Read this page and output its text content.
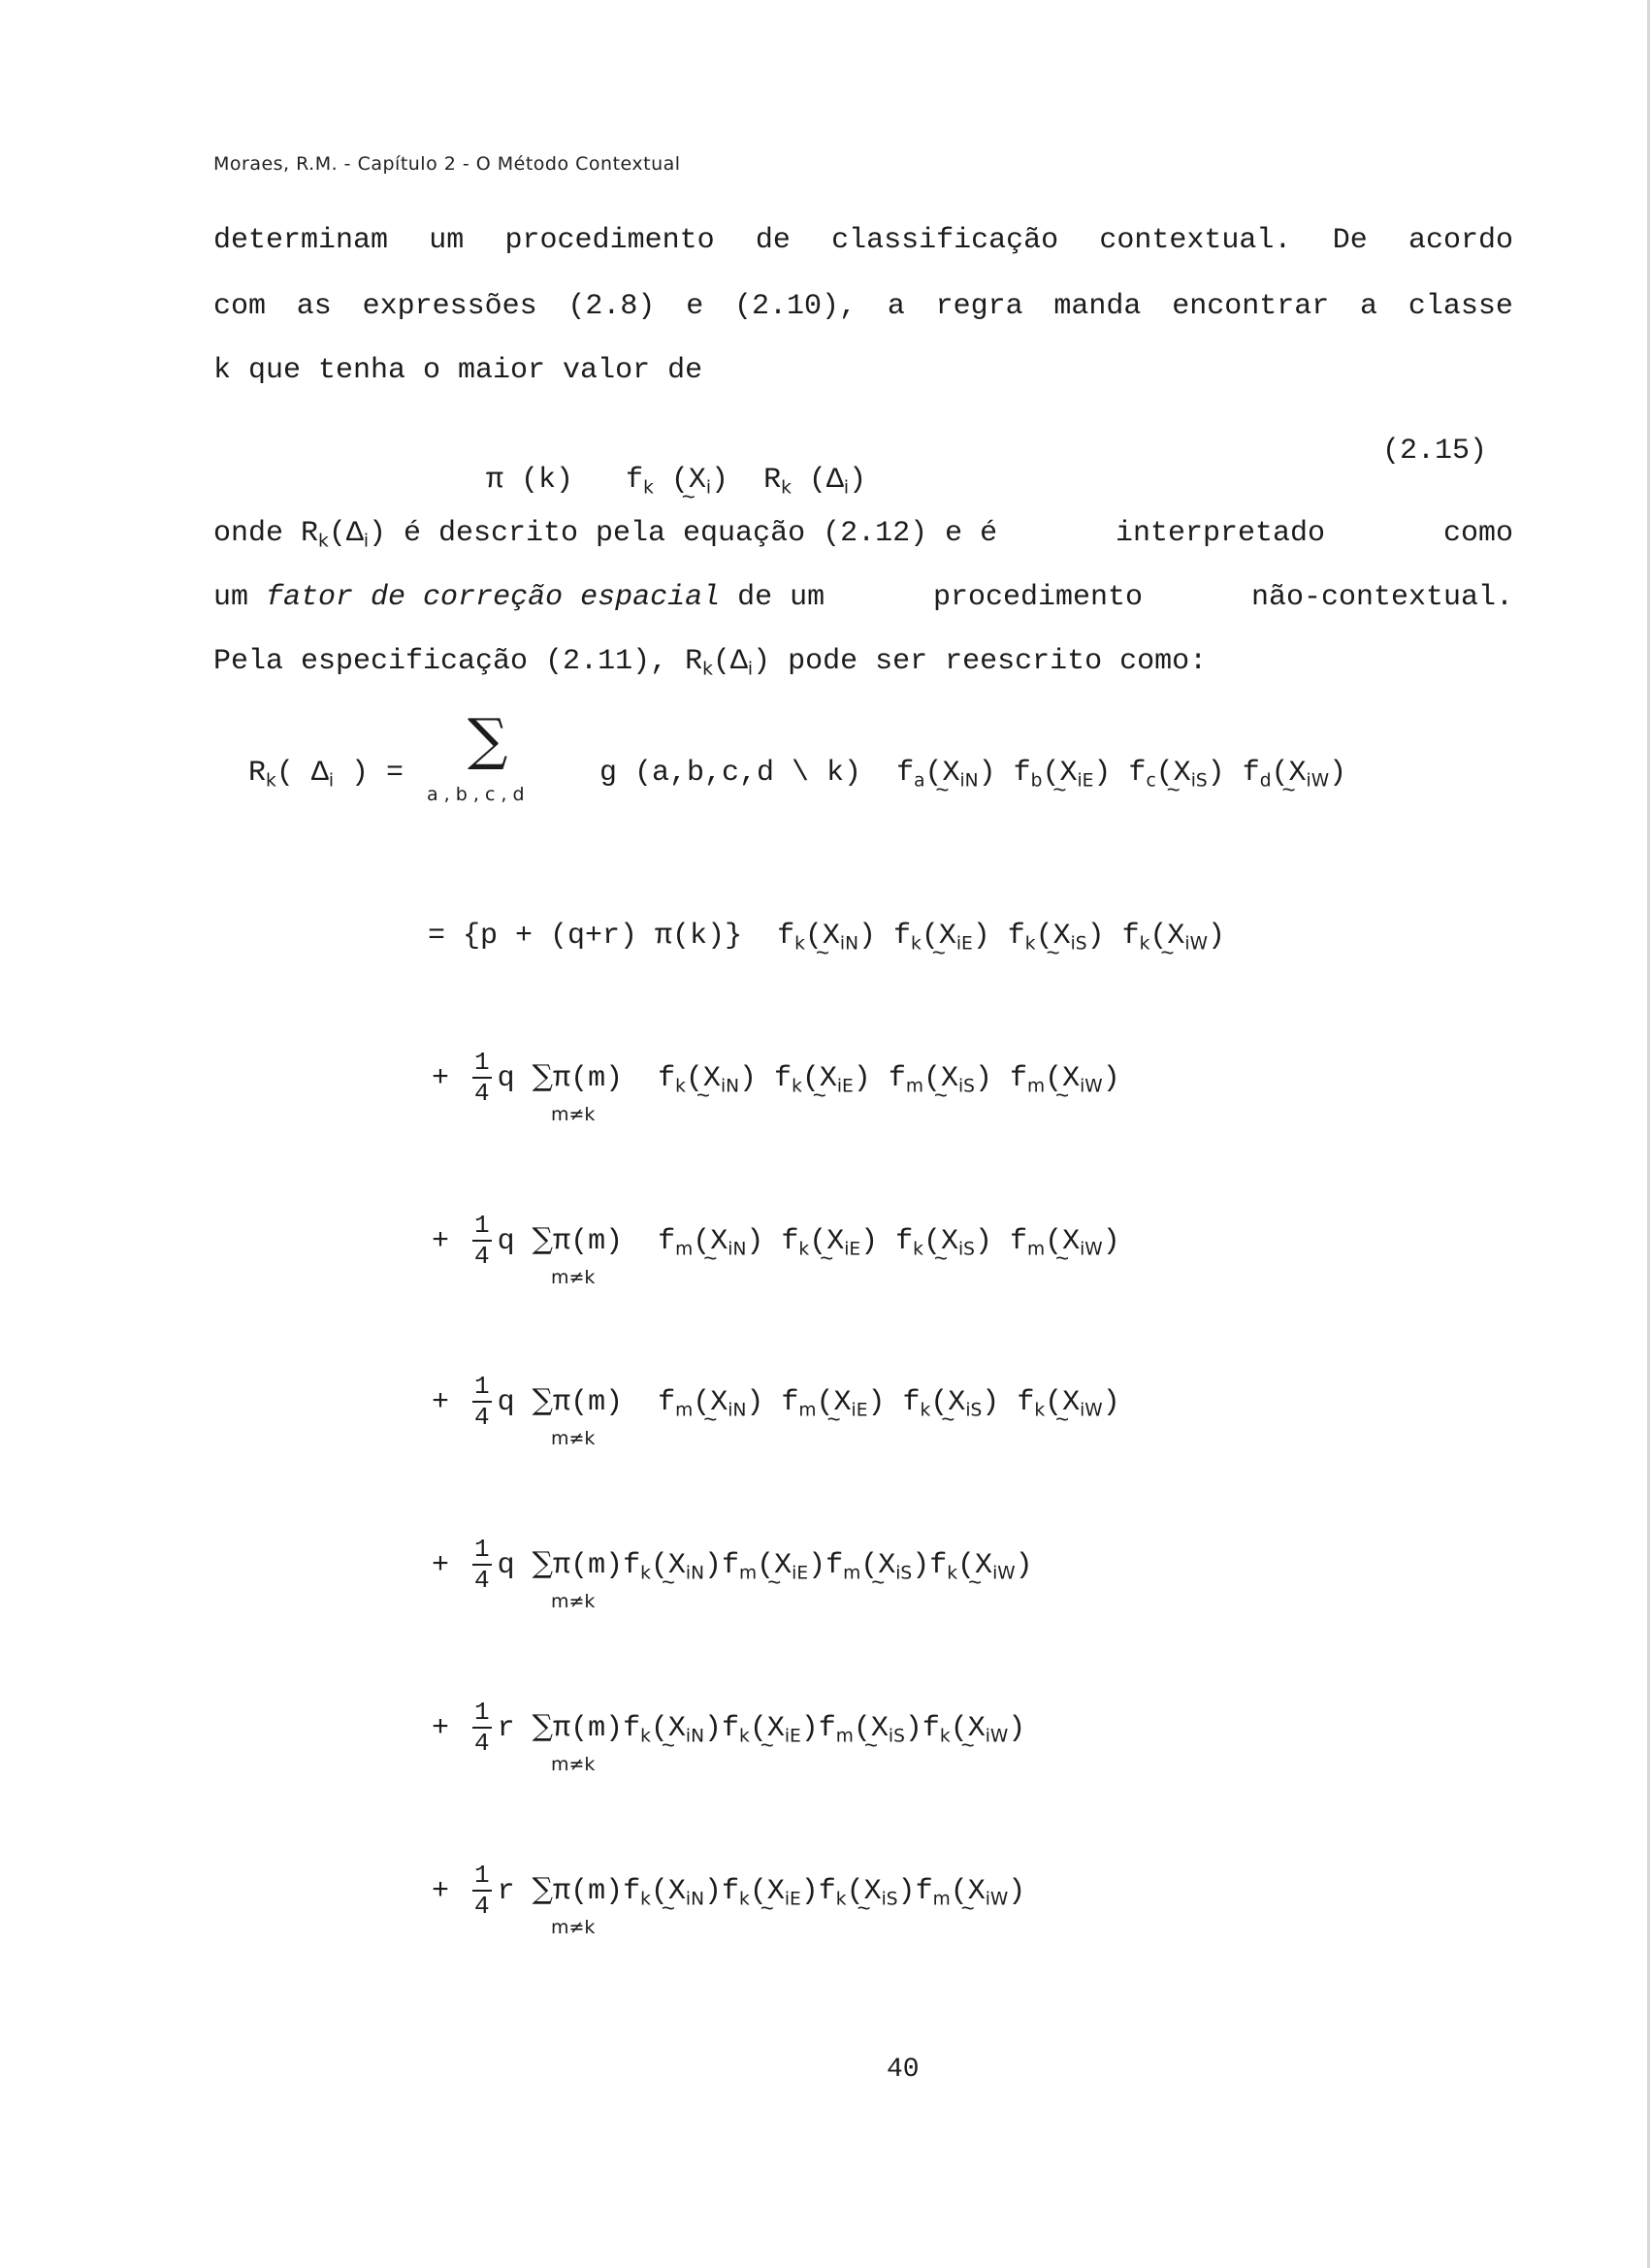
Moraes, R.M. - Capítulo 2 - O Método Contextual
determinam um procedimento de classificação contextual. De acordo
com as expressões (2.8) e (2.10), a regra manda encontrar a classe
k que tenha o maior valor de

π (k) $f_k$ (X $\sim_i$) $R_k$ $(\Delta_i)$

(2.15)
onde $R_k(\Delta_i)$ é descrito pela equação (2.12) e é	interpretado	como
um fator de correção espacial de um	procedimento	não-contextual.
Pela especificação (2.11), $R_k(\Delta_i)$ pode ser reescrito como:

$R_k$( $\Delta_i$ ) =

∑
a , b , c , d

g (a,b,c,d \ k) $f_a(X$ $\sim_{iN}$) $f_b(X$ $\sim_{iE}$) $f_c(X$ $\sim_{iS}$) $f_d(X$ $\sim_{iW}$)

= {p + (q+r) π(k)} $f_k(X$ $\sim_{iN}$) $f_k(X$ $\sim_{iE}$) $f_k(X$ $\sim_{iS}$) $f_k(X$ $\sim_{iW}$)

+ $\frac{1}{4}$ q ∑π(m) $f_k(X$ $\sim_{iN}$) $f_k(X$ $\sim_{iE}$) $f_m(X$ $\sim_{iS}$) $f_m(X$ $\sim_{iW}$)
m≠k
+ $\frac{1}{4}$ q ∑π(m) $f_m(X$ $\sim_{iN}$) $f_k(X$ $\sim_{iE}$) $f_k(X$ $\sim_{iS}$) $f_m(X$ $\sim_{iW}$)
m≠k
+ $\frac{1}{4}$ q ∑π(m) $f_m(X$ $\sim_{iN}$) $f_m(X$ $\sim_{iE}$) $f_k(X$ $\sim_{iS}$) $f_k(X$ $\sim_{iW}$)
m≠k
+ $\frac{1}{4}$ q $\sum\pi(m)f_k(X$ $\sim_{iN})f_m(X$ $\sim_{iE})f_m(X$ $\sim_{iS})f_k(X$ $\sim_{iW}$)
m≠k
+ $\frac{1}{4}$ r $\sum\pi(m)f_k(X$ $\sim_{iN})f_k(X$ $\sim_{iE})f_m(X$ $\sim_{iS})f_k(X$ $\sim_{iW}$)
m≠k
+ $\frac{1}{4}$ r $\sum\pi(m)f_k(X$ $\sim_{iN})f_k(X$ $\sim_{iE})f_k(X$ $\sim_{iS})f_m(X$ $\sim_{iW}$)
m≠k
40
